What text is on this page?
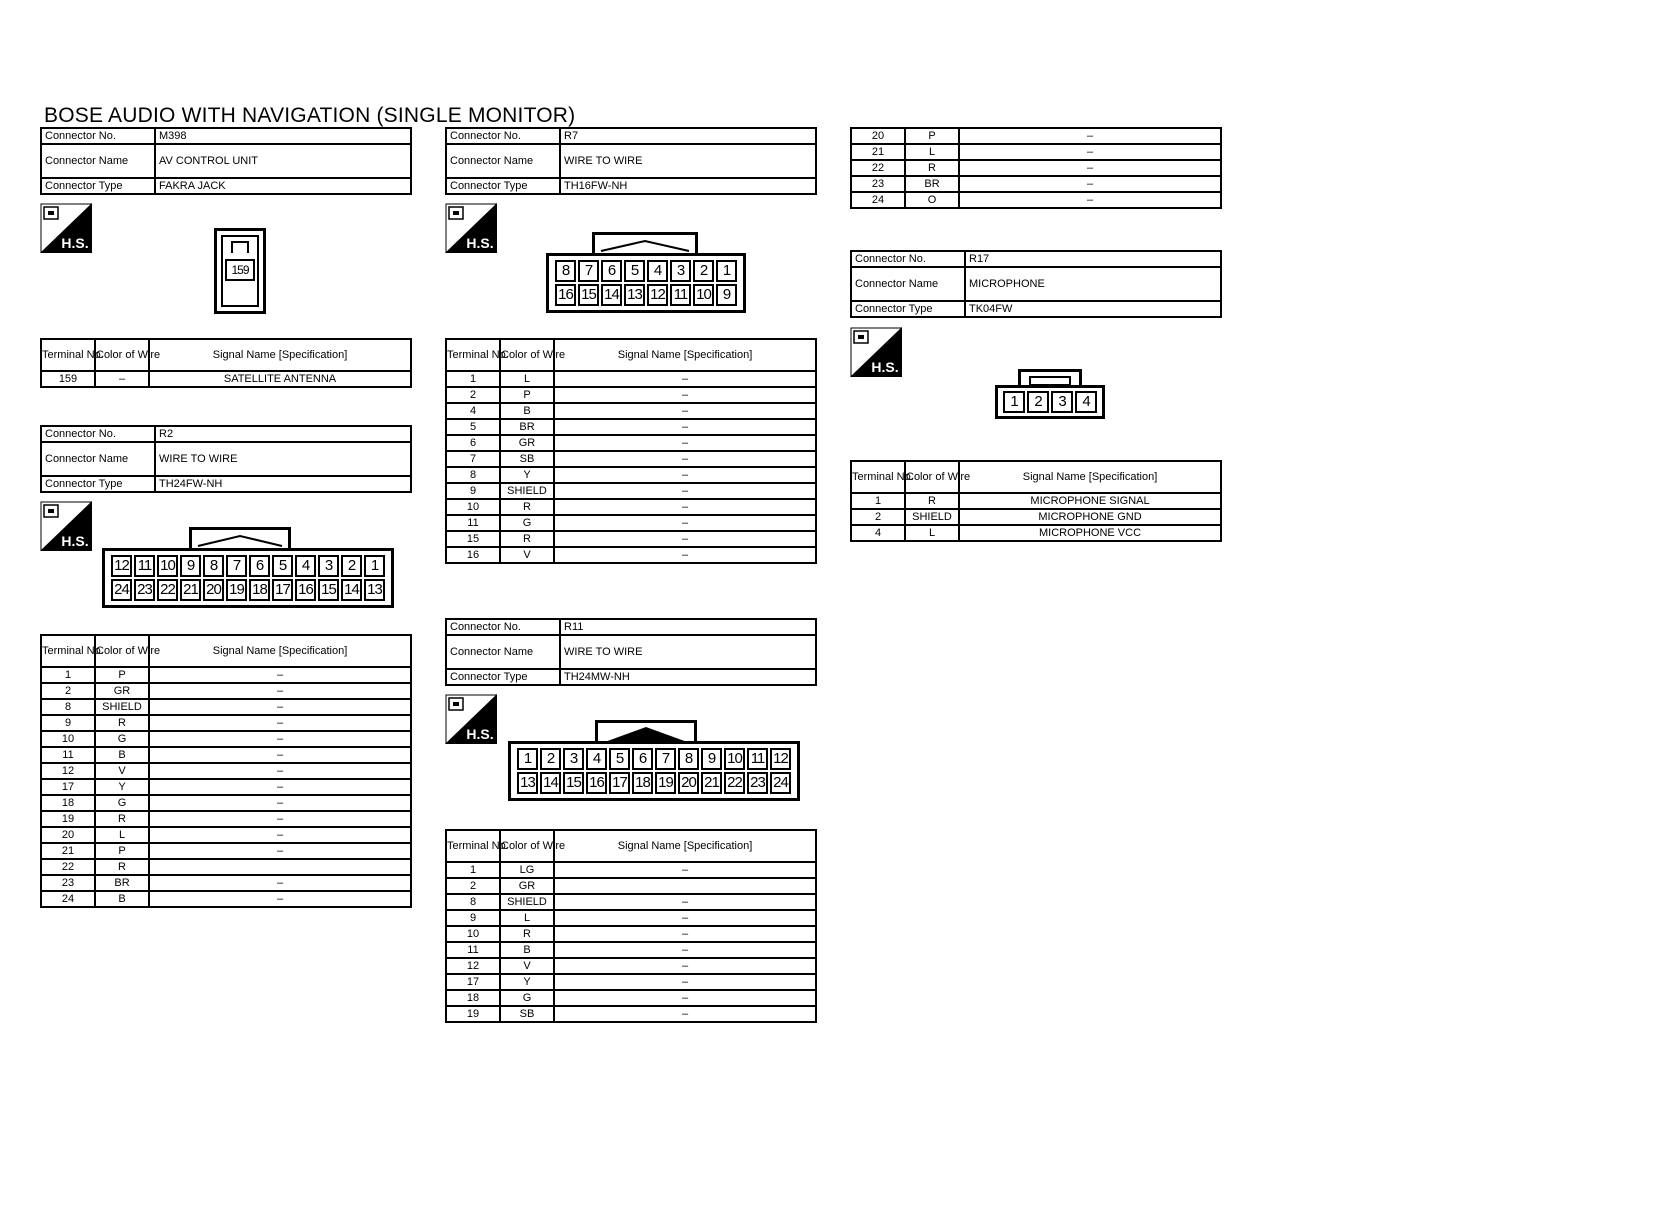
BOSE AUDIO WITH NAVIGATION (SINGLE MONITOR)
Connector No.	M398
Connector Name	AV CONTROL UNIT
Connector Type	FAKRA JACK
H.S.
159
Terminal No.	Color of Wire	Signal Name [Specification]
159	–	SATELLITE ANTENNA
Connector No.	R2
Connector Name	WIRE TO WIRE
Connector Type	TH24FW-NH
H.S.
12 11 10 9	8	7	6	5	4	3	2	1
24 23 22 21 20 19 18 17 16 15 14 13
Terminal No.	Color of Wire	Signal Name [Specification]
1	P	–
2	GR	–
8	SHIELD	–
9	R	–
10	G	–
11	B	–
12	V	–
17	Y	–
18	G	–
19	R	–
20	L	–
21	P	–
22	R	
23	BR	–
24	B	–
Connector No.	R7
Connector Name	WIRE TO WIRE
Connector Type	TH16FW-NH
H.S.
8	7	6	5	4	3	2	1
16 15 14 13 12 11 10 9
Terminal No.	Color of Wire	Signal Name [Specification]
1	L	–
2	P	–
4	B	–
5	BR	–
6	GR	–
7	SB	–
8	Y	–
9	SHIELD	–
10	R	–
11	G	–
15	R	–
16	V	–
Connector No.	R11
Connector Name	WIRE TO WIRE
Connector Type	TH24MW-NH
H.S.
1	2	3	4	5	6	7	8	9 10 11 12
13 14 15 16 17 18 19 20 21 22 23 24
Terminal No.	Color of Wire	Signal Name [Specification]
1	LG	–
2	GR	
8	SHIELD	–
9	L	–
10	R	–
11	B	–
12	V	–
17	Y	–
18	G	–
19	SB	–
20	P	–
21	L	–
22	R	–
23	BR	–
24	O	–
Connector No.	R17
Connector Name	MICROPHONE
Connector Type	TK04FW
H.S.
1	2	3	4
Terminal No.	Color of Wire	Signal Name [Specification]
1	R	MICROPHONE SIGNAL
2	SHIELD	MICROPHONE GND
4	L	MICROPHONE VCC
